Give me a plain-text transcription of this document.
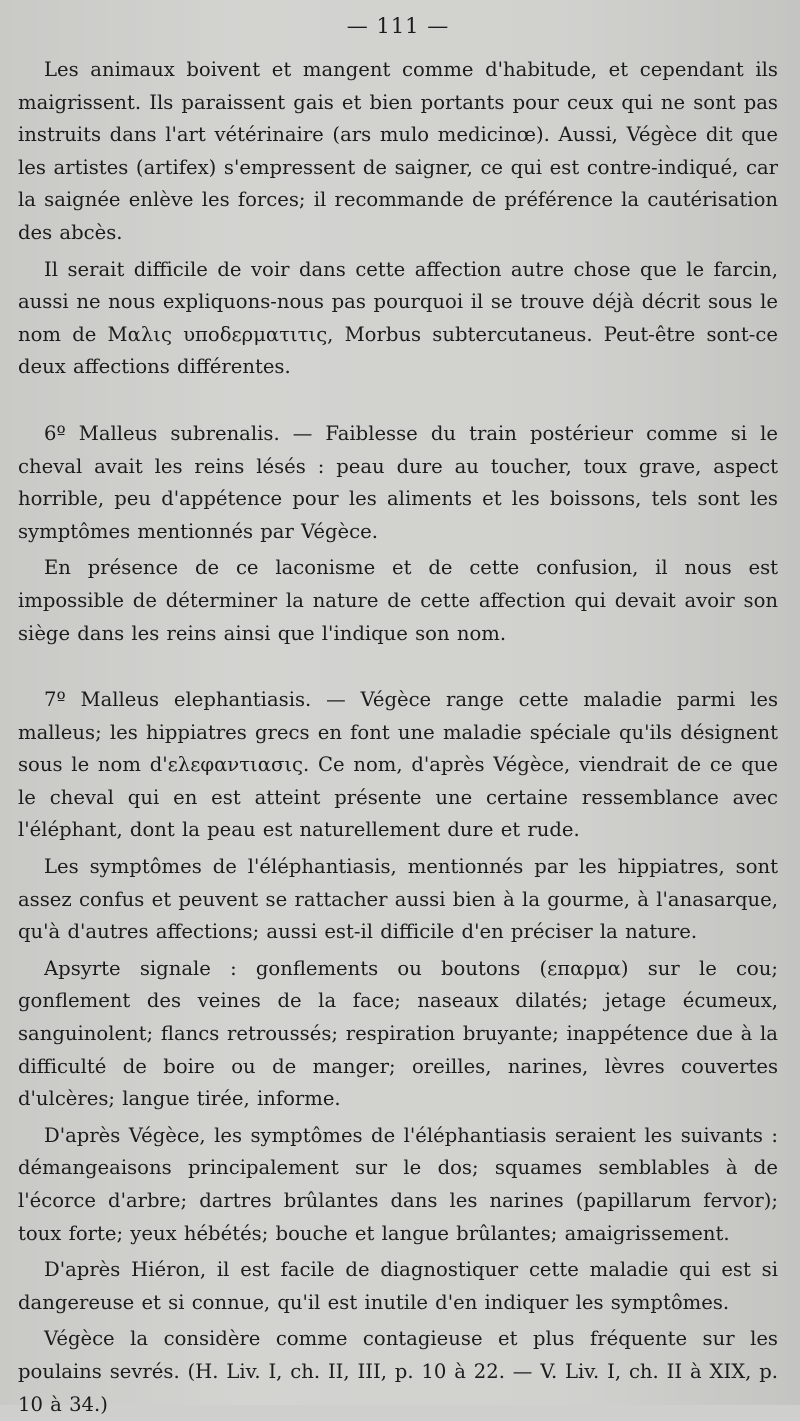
— 111 —

Les animaux boivent et mangent comme d'habitude, et cependant ils maigrissent. Ils paraissent gais et bien portants pour ceux qui ne sont pas instruits dans l'art vétérinaire (ars mulo medicinœ). Aussi, Végèce dit que les artistes (artifex) s'empressent de saigner, ce qui est contre-indiqué, car la saignée enlève les forces; il recommande de préférence la cautérisation des abcès.

Il serait difficile de voir dans cette affection autre chose que le farcin, aussi ne nous expliquons-nous pas pourquoi il se trouve déjà décrit sous le nom de Μαλις υποδερματιτις, Morbus subtercutaneus. Peut-être sont-ce deux affections différentes.

6º Malleus subrenalis. — Faiblesse du train postérieur comme si le cheval avait les reins lésés : peau dure au toucher, toux grave, aspect horrible, peu d'appétence pour les aliments et les boissons, tels sont les symptômes mentionnés par Végèce.

En présence de ce laconisme et de cette confusion, il nous est impossible de déterminer la nature de cette affection qui devait avoir son siège dans les reins ainsi que l'indique son nom.

7º Malleus elephantiasis. — Végèce range cette maladie parmi les malleus; les hippiatres grecs en font une maladie spéciale qu'ils désignent sous le nom d'ελεφαντιασις. Ce nom, d'après Végèce, viendrait de ce que le cheval qui en est atteint présente une certaine ressemblance avec l'éléphant, dont la peau est naturellement dure et rude.

Les symptômes de l'éléphantiasis, mentionnés par les hippiatres, sont assez confus et peuvent se rattacher aussi bien à la gourme, à l'anasarque, qu'à d'autres affections; aussi est-il difficile d'en préciser la nature.

Apsyrte signale : gonflements ou boutons (επαρμα) sur le cou; gonflement des veines de la face; naseaux dilatés; jetage écumeux, sanguinolent; flancs retroussés; respiration bruyante; inappétence due à la difficulté de boire ou de manger; oreilles, narines, lèvres couvertes d'ulcères; langue tirée, informe.

D'après Végèce, les symptômes de l'éléphantiasis seraient les suivants : démangeaisons principalement sur le dos; squames semblables à de l'écorce d'arbre; dartres brûlantes dans les narines (papillarum fervor); toux forte; yeux hébétés; bouche et langue brûlantes; amaigrissement.

D'après Hiéron, il est facile de diagnostiquer cette maladie qui est si dangereuse et si connue, qu'il est inutile d'en indiquer les symptômes.

Végèce la considère comme contagieuse et plus fréquente sur les poulains sevrés. (H. Liv. I, ch. II, III, p. 10 à 22. — V. Liv. I, ch. II à XIX, p. 10 à 34.)
